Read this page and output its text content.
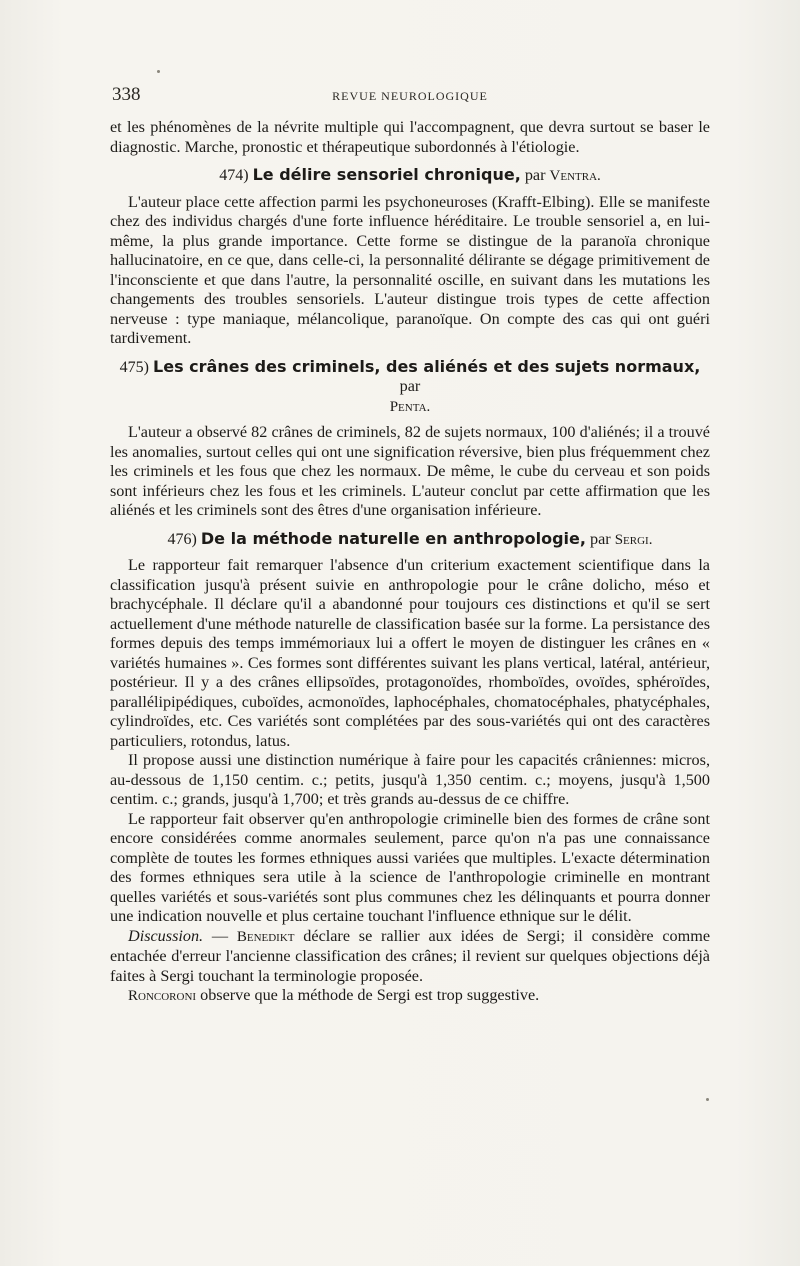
338	REVUE NEUROLOGIQUE

et les phénomènes de la névrite multiple qui l'accompagnent, que devra surtout se baser le diagnostic. Marche, pronostic et thérapeutique subordonnés à l'étiologie.

474) Le délire sensoriel chronique, par Ventra.

L'auteur place cette affection parmi les psychoneuroses (Krafft-Elbing). Elle se manifeste chez des individus chargés d'une forte influence héréditaire. Le trouble sensoriel a, en lui-même, la plus grande importance. Cette forme se distingue de la paranoïa chronique hallucinatoire, en ce que, dans celle-ci, la personnalité délirante se dégage primitivement de l'inconsciente et que dans l'autre, la personnalité oscille, en suivant dans les mutations les changements des troubles sensoriels. L'auteur distingue trois types de cette affection nerveuse : type maniaque, mélancolique, paranoïque. On compte des cas qui ont guéri tardivement.

475) Les crânes des criminels, des aliénés et des sujets normaux, par
Penta.

L'auteur a observé 82 crânes de criminels, 82 de sujets normaux, 100 d'aliénés; il a trouvé les anomalies, surtout celles qui ont une signification réversive, bien plus fréquemment chez les criminels et les fous que chez les normaux. De même, le cube du cerveau et son poids sont inférieurs chez les fous et les criminels. L'auteur conclut par cette affirmation que les aliénés et les criminels sont des êtres d'une organisation inférieure.

476) De la méthode naturelle en anthropologie, par Sergi.

Le rapporteur fait remarquer l'absence d'un criterium exactement scientifique dans la classification jusqu'à présent suivie en anthropologie pour le crâne dolicho, méso et brachycéphale. Il déclare qu'il a abandonné pour toujours ces distinctions et qu'il se sert actuellement d'une méthode naturelle de classification basée sur la forme. La persistance des formes depuis des temps immémoriaux lui a offert le moyen de distinguer les crânes en « variétés humaines ». Ces formes sont différentes suivant les plans vertical, latéral, antérieur, postérieur. Il y a des crânes ellipsoïdes, protagonoïdes, rhomboïdes, ovoïdes, sphéroïdes, parallélipipédiques, cuboïdes, acmonoïdes, laphocéphales, chomatocéphales, phatycéphales, cylindroïdes, etc. Ces variétés sont complétées par des sous-variétés qui ont des caractères particuliers, rotondus, latus.

Il propose aussi une distinction numérique à faire pour les capacités crâniennes: micros, au-dessous de 1,150 centim. c.; petits, jusqu'à 1,350 centim. c.; moyens, jusqu'à 1,500 centim. c.; grands, jusqu'à 1,700; et très grands au-dessus de ce chiffre.

Le rapporteur fait observer qu'en anthropologie criminelle bien des formes de crâne sont encore considérées comme anormales seulement, parce qu'on n'a pas une connaissance complète de toutes les formes ethniques aussi variées que multiples. L'exacte détermination des formes ethniques sera utile à la science de l'anthropologie criminelle en montrant quelles variétés et sous-variétés sont plus communes chez les délinquants et pourra donner une indication nouvelle et plus certaine touchant l'influence ethnique sur le délit.

Discussion. — Benedikt déclare se rallier aux idées de Sergi; il considère comme entachée d'erreur l'ancienne classification des crânes; il revient sur quelques objections déjà faites à Sergi touchant la terminologie proposée.

Roncoroni observe que la méthode de Sergi est trop suggestive.
